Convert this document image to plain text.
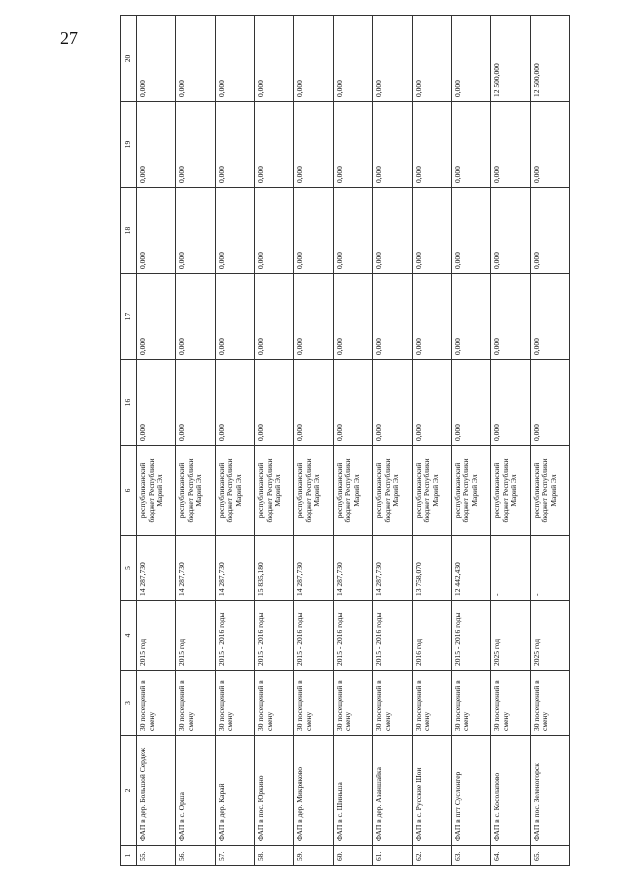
27
1	2	3	4	5	6	16	17	18	19	20
55.	ФАП в дер. Большой Сердеж	30 посещений в смену	2015 год	14 287,730	республиканский бюджет Республики Марий Эл	0,000	0,000	0,000	0,000	0,000
56.	ФАП в с. Орша	30 посещений в смену	2015 год	14 287,730	республиканский бюджет Республики Марий Эл	0,000	0,000	0,000	0,000	0,000
57.	ФАП в дер. Карай	30 посещений в смену	2015 - 2016 годы	14 287,730	республиканский бюджет Республики Марий Эл	0,000	0,000	0,000	0,000	0,000
58.	ФАП в пос. Юркино	30 посещений в смену	2015 - 2016 годы	15 835,180	республиканский бюджет Республики Марий Эл	0,000	0,000	0,000	0,000	0,000
59.	ФАП в дер. Микряково	30 посещений в смену	2015 - 2016 годы	14 287,730	республиканский бюджет Республики Марий Эл	0,000	0,000	0,000	0,000	0,000
60.	ФАП в с. Шиньша	30 посещений в смену	2015 - 2016 годы	14 287,730	республиканский бюджет Республики Марий Эл	0,000	0,000	0,000	0,000	0,000
61.	ФАП в дер. Азаншайка	30 посещений в смену	2015 - 2016 годы	14 287,730	республиканский бюджет Республики Марий Эл	0,000	0,000	0,000	0,000	0,000
62.	ФАП в с. Русские Шои	30 посещений в смену	2016 год	13 758,070	республиканский бюджет Республики Марий Эл	0,000	0,000	0,000	0,000	0,000
63.	ФАП в пгт Суслонгер	30 посещений в смену	2015 - 2016 годы	12 442,430	республиканский бюджет Республики Марий Эл	0,000	0,000	0,000	0,000	0,000
64.	ФАП в с. Косолапово	30 посещений в смену	2025 год	-	республиканский бюджет Республики Марий Эл	0,000	0,000	0,000	0,000	12 500,000
65.	ФАП в пос. Зеленогорск	30 посещений в смену	2025 год	-	республиканский бюджет Республики Марий Эл	0,000	0,000	0,000	0,000	12 500,000
